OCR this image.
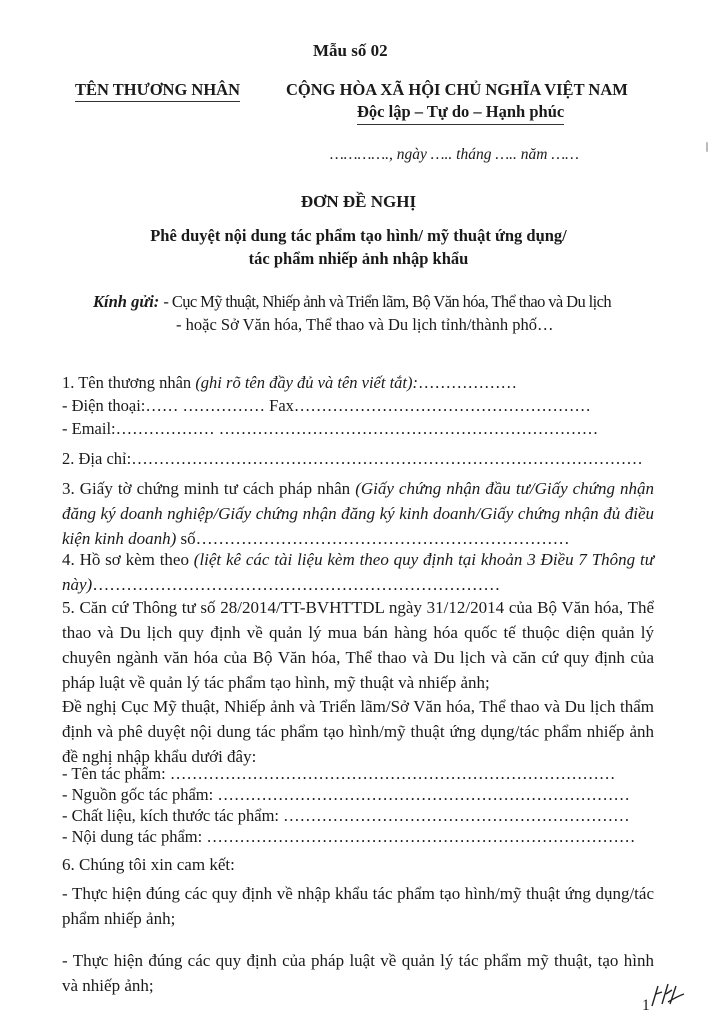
Mẫu số 02
TÊN THƯƠNG NHÂN	CỘNG HÒA XÃ HỘI CHỦ NGHĨA VIỆT NAM
Độc lập – Tự do – Hạnh phúc
…………., ngày ….. tháng ….. năm ……
ĐƠN ĐỀ NGHỊ
Phê duyệt nội dung tác phẩm tạo hình/ mỹ thuật ứng dụng/
tác phẩm nhiếp ảnh nhập khẩu
Kính gửi: - Cục Mỹ thuật, Nhiếp ảnh và Triển lãm, Bộ Văn hóa, Thể thao và Du lịch
- hoặc Sở Văn hóa, Thể thao và Du lịch tỉnh/thành phố…
1. Tên thương nhân (ghi rõ tên đầy đủ và tên viết tắt):………………
- Điện thoại:…… …………… Fax………………………………………………
- Email:……………… ……………………………………………………………
2. Địa chỉ:…………………………………………………………………………………
3. Giấy tờ chứng minh tư cách pháp nhân (Giấy chứng nhận đầu tư/Giấy chứng nhận đăng ký doanh nghiệp/Giấy chứng nhận đăng ký kinh doanh/Giấy chứng nhận đủ điều kiện kinh doanh) số…………………………………………………………
4. Hồ sơ kèm theo (liệt kê các tài liệu kèm theo quy định tại khoản 3 Điều 7 Thông tư này)………………………………………………………………
5. Căn cứ Thông tư số 28/2014/TT-BVHTTDL ngày 31/12/2014 của Bộ Văn hóa, Thể thao và Du lịch quy định về quản lý mua bán hàng hóa quốc tế thuộc diện quản lý chuyên ngành văn hóa của Bộ Văn hóa, Thể thao và Du lịch và căn cứ quy định của pháp luật về quản lý tác phẩm tạo hình, mỹ thuật và nhiếp ảnh;
Đề nghị Cục Mỹ thuật, Nhiếp ảnh và Triển lãm/Sở Văn hóa, Thể thao và Du lịch thẩm định và phê duyệt nội dung tác phẩm tạo hình/mỹ thuật ứng dụng/tác phẩm nhiếp ảnh đề nghị nhập khẩu dưới đây:
- Tên tác phẩm: ………………………………………………………………………
- Nguồn gốc tác phẩm: …………………………………………………………………
- Chất liệu, kích thước tác phẩm: ………………………………………………………
- Nội dung tác phẩm: ……………………………………………………………………
6. Chúng tôi xin cam kết:
- Thực hiện đúng các quy định về nhập khẩu tác phẩm tạo hình/mỹ thuật ứng dụng/tác phẩm nhiếp ảnh;
- Thực hiện đúng các quy định của pháp luật về quản lý tác phẩm mỹ thuật, tạo hình và nhiếp ảnh;
1
